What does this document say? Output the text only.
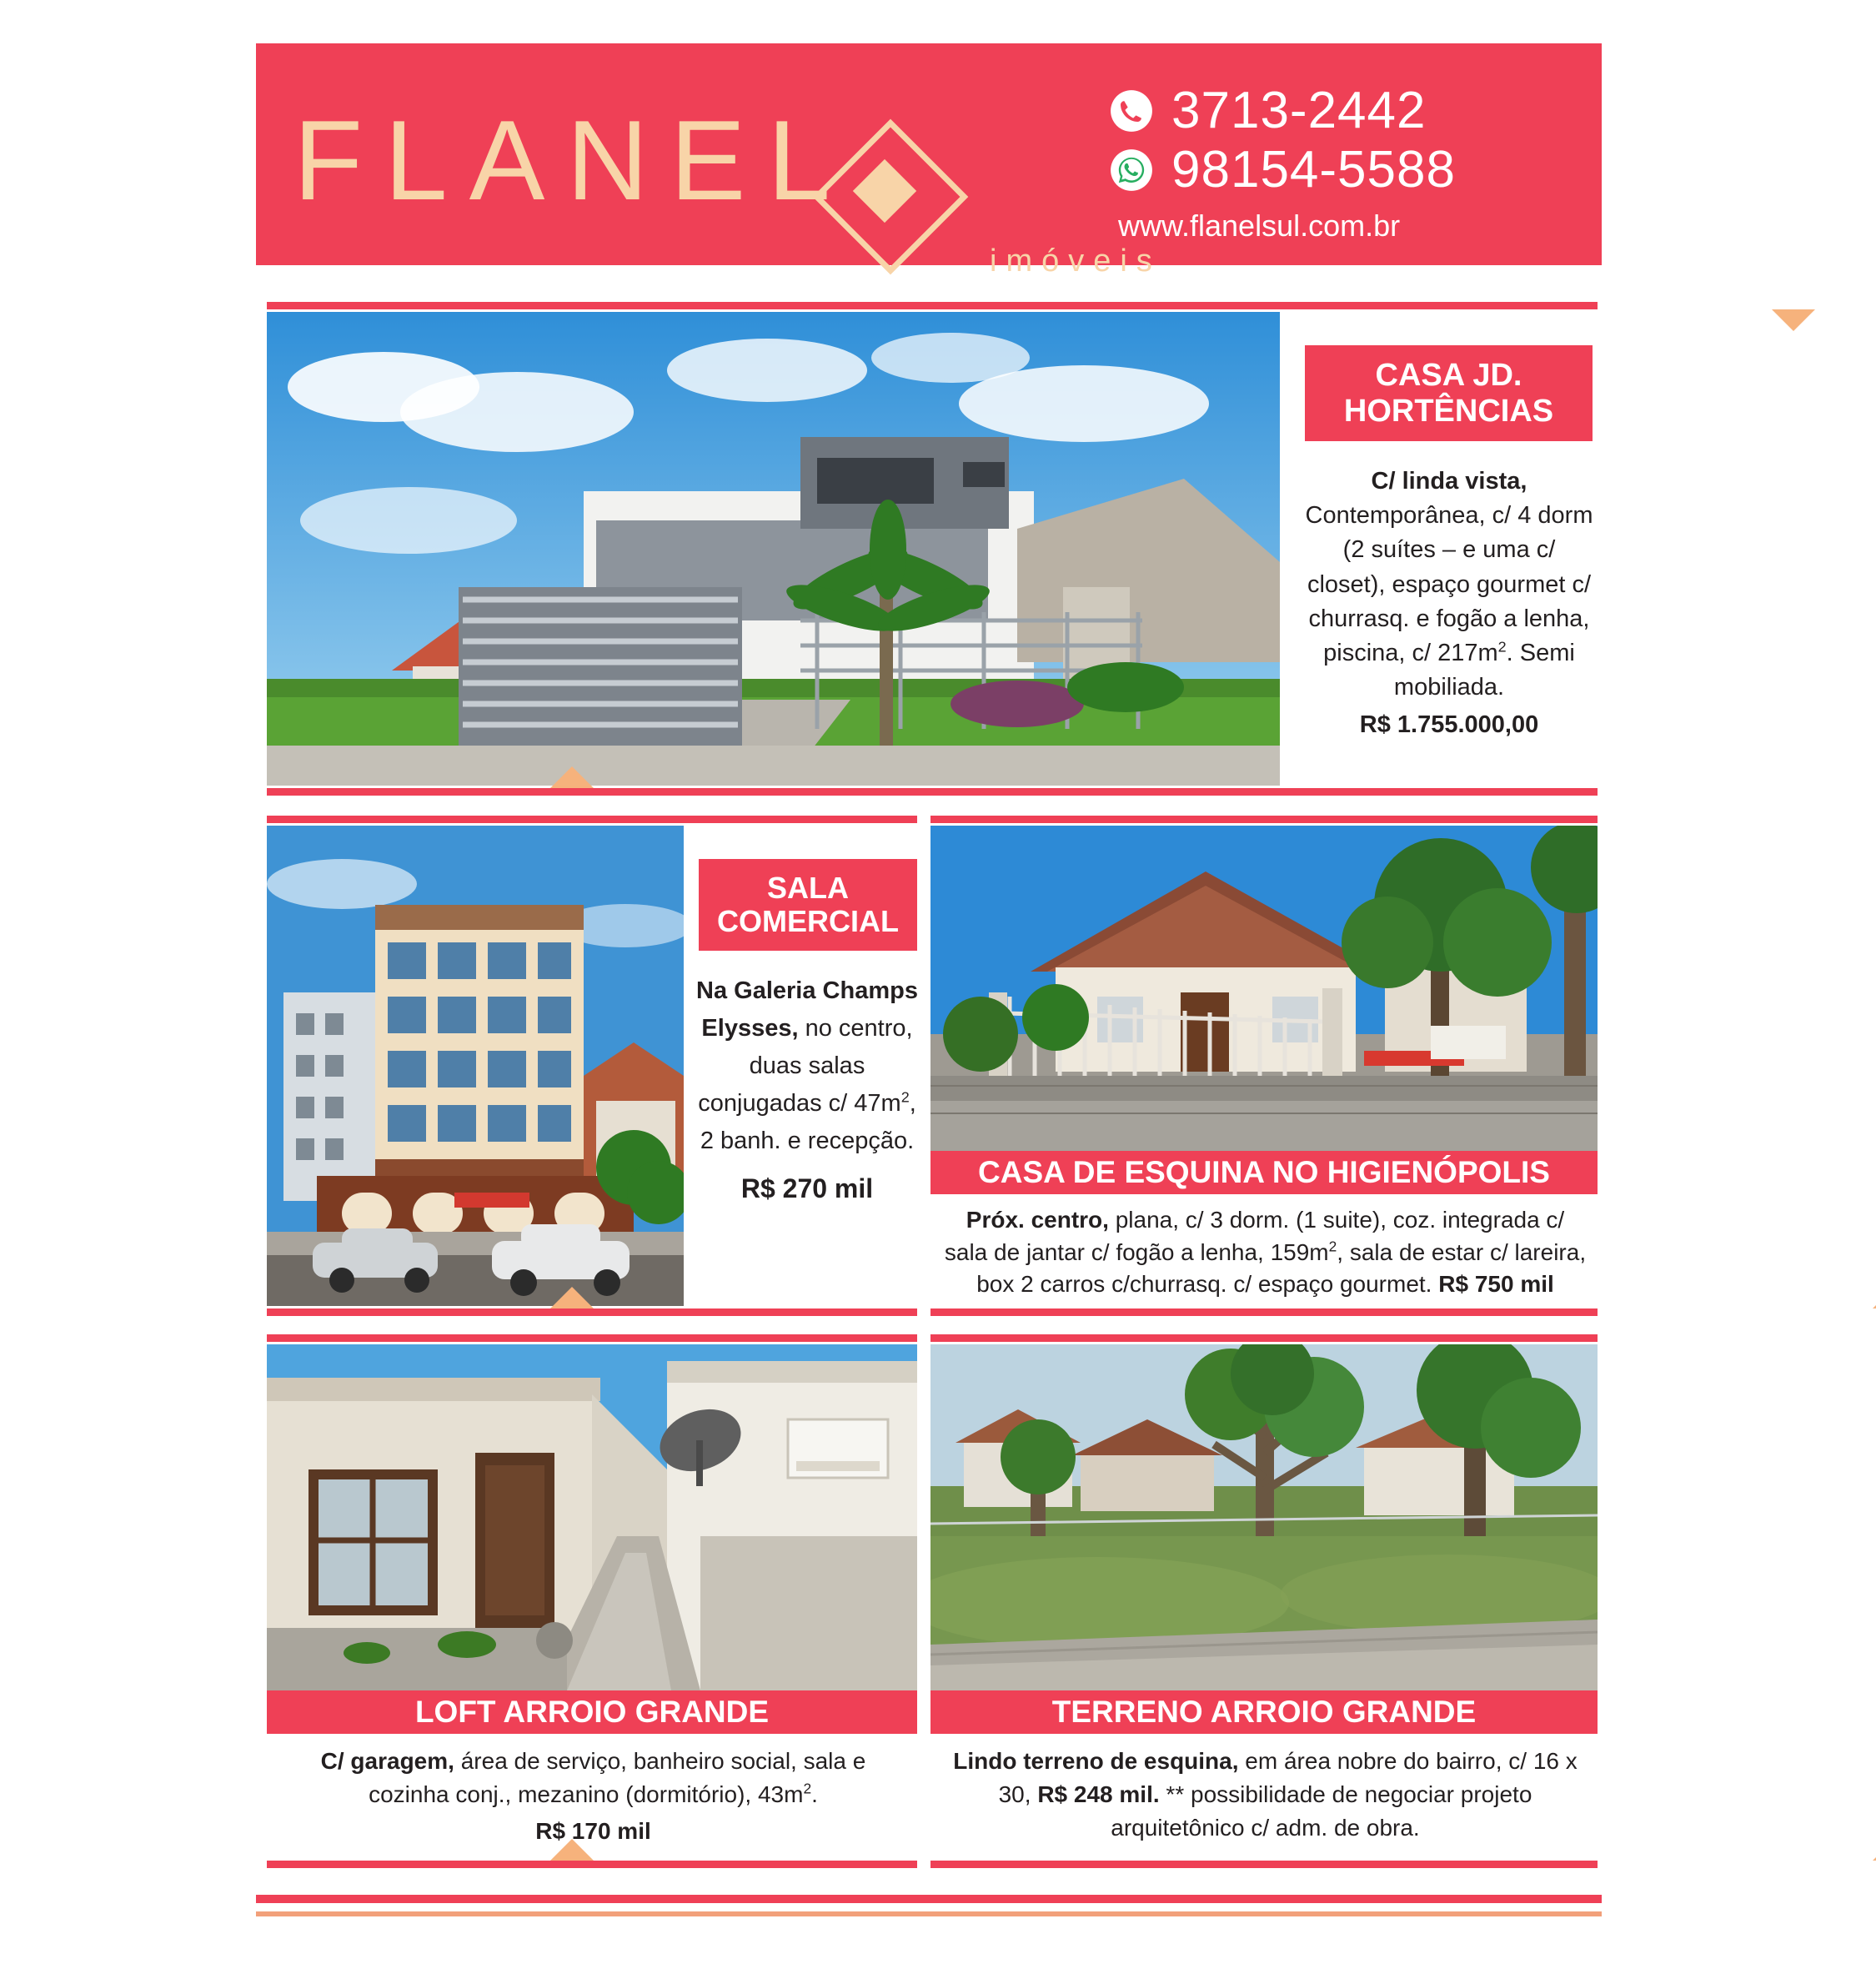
FLANEL
imóveis
3713-2442
98154-5588
www.flanelsul.com.br
CASA JD.
HORTÊNCIAS
C/ linda vista, Contemporânea, c/ 4 dorm (2 suítes – e uma c/ closet), espaço gourmet c/ churrasq. e fogão a lenha, piscina, c/ $217m^2$. Semi mobiliada.
R$ 1.755.000,00
SALA
COMERCIAL
Na Galeria Champs Elysses, no centro, duas salas conjugadas c/ $47m^2$, 2 banh. e recepção.
R$ 270 mil	CASA DE ESQUINA NO HIGIENÓPOLIS
Próx. centro, plana, c/ 3 dorm. (1 suite), coz. integrada c/ sala de jantar c/ fogão a lenha, $159m^2$, sala de estar c/ lareira, box 2 carros c/churrasq. c/ espaço gourmet. R$ 750 mil
LOFT ARROIO GRANDE
C/ garagem, área de serviço, banheiro social, sala e cozinha conj., mezanino (dormitório), $43m^2$.
R$ 170 mil
TERRENO ARROIO GRANDE
Lindo terreno de esquina, em área nobre do bairro, c/ 16 x 30, R$ 248 mil. ** possibilidade de negociar projeto arquitetônico c/ adm. de obra.
